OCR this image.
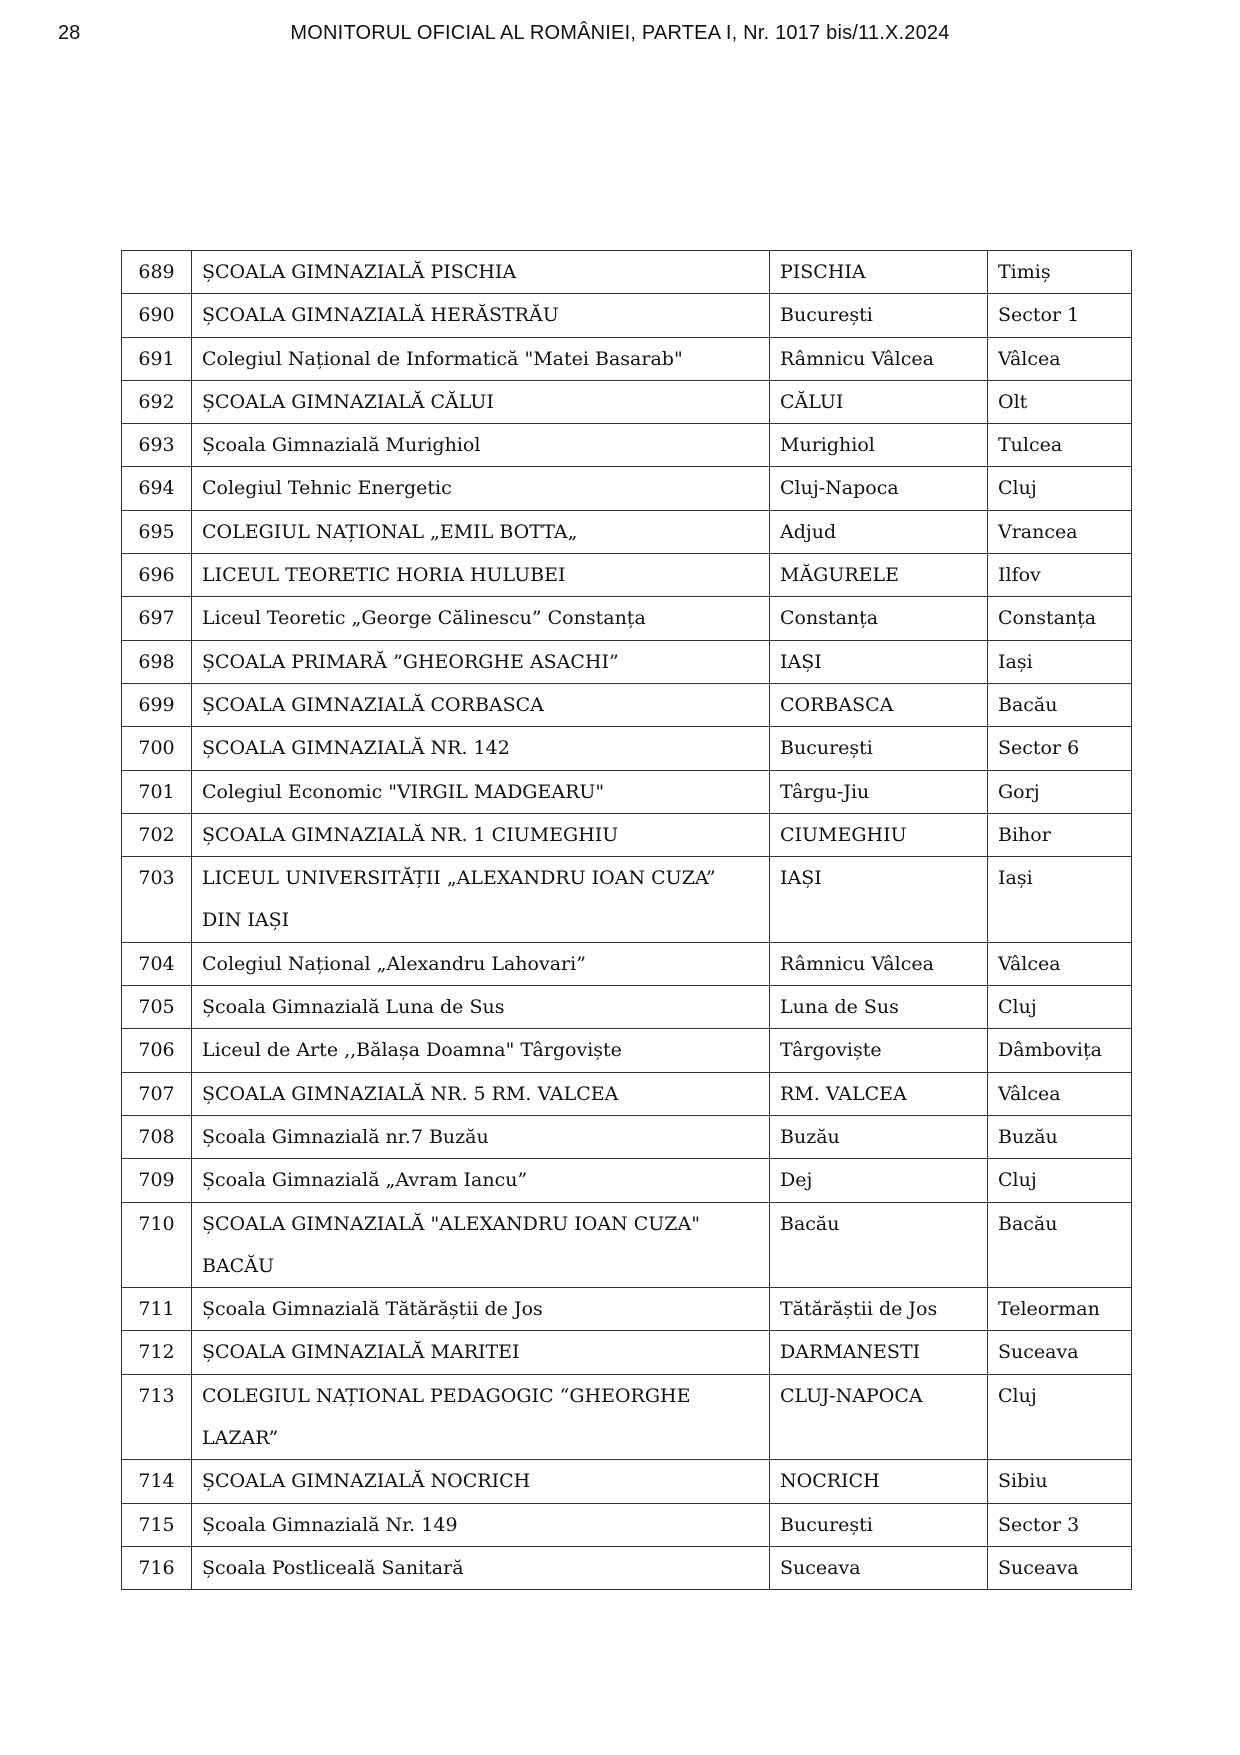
28	MONITORUL OFICIAL AL ROMÂNIEI, PARTEA I, Nr. 1017 bis/11.X.2024
689	ȘCOALA GIMNAZIALĂ PISCHIA	PISCHIA	Timiș
690	ȘCOALA GIMNAZIALĂ HERĂSTRĂU	București	Sector 1
691	Colegiul Național de Informatică "Matei Basarab"	Râmnicu Vâlcea	Vâlcea
692	ȘCOALA GIMNAZIALĂ CĂLUI	CĂLUI	Olt
693	Școala Gimnazială Murighiol	Murighiol	Tulcea
694	Colegiul Tehnic Energetic	Cluj-Napoca	Cluj
695	COLEGIUL NAȚIONAL „EMIL BOTTA„	Adjud	Vrancea
696	LICEUL TEORETIC HORIA HULUBEI	MĂGURELE	Ilfov
697	Liceul Teoretic „George Călinescu” Constanța	Constanța	Constanța
698	ȘCOALA PRIMARĂ ”GHEORGHE ASACHI”	IAȘI	Iași
699	ȘCOALA GIMNAZIALĂ CORBASCA	CORBASCA	Bacău
700	ȘCOALA GIMNAZIALĂ NR. 142	București	Sector 6
701	Colegiul Economic "VIRGIL MADGEARU"	Târgu-Jiu	Gorj
702	ȘCOALA GIMNAZIALĂ NR. 1 CIUMEGHIU	CIUMEGHIU	Bihor
703	LICEUL UNIVERSITĂȚII „ALEXANDRU IOAN CUZA” DIN IAȘI	IAȘI	Iași
704	Colegiul Național „Alexandru Lahovari”	Râmnicu Vâlcea	Vâlcea
705	Școala Gimnazială Luna de Sus	Luna de Sus	Cluj
706	Liceul de Arte ,,Bălașa Doamna" Târgoviște	Târgoviște	Dâmbovița
707	ȘCOALA GIMNAZIALĂ NR. 5 RM. VALCEA	RM. VALCEA	Vâlcea
708	Școala Gimnazială nr.7 Buzău	Buzău	Buzău
709	Școala Gimnazială „Avram Iancu”	Dej	Cluj
710	ȘCOALA GIMNAZIALĂ "ALEXANDRU IOAN CUZA" BACĂU	Bacău	Bacău
711	Școala Gimnazială Tătărăștii de Jos	Tătărăștii de Jos	Teleorman
712	ȘCOALA GIMNAZIALĂ MARITEI	DARMANESTI	Suceava
713	COLEGIUL NAȚIONAL PEDAGOGIC “GHEORGHE LAZAR”	CLUJ-NAPOCA	Cluj
714	ȘCOALA GIMNAZIALĂ NOCRICH	NOCRICH	Sibiu
715	Școala Gimnazială Nr. 149	București	Sector 3
716	Școala Postliceală Sanitară	Suceava	Suceava
